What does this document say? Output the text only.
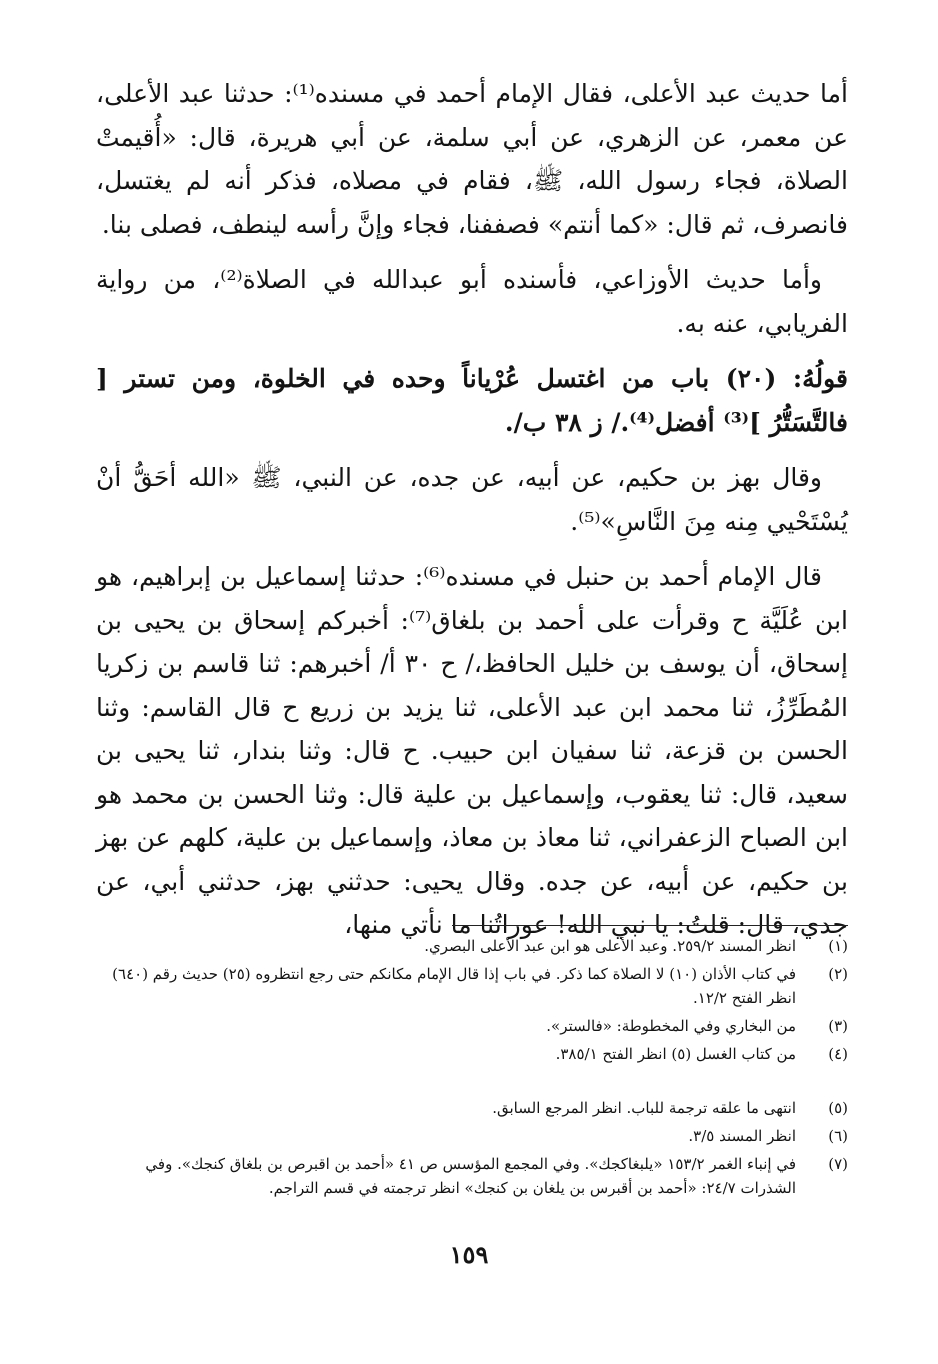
أما حديث عبد الأعلى، فقال الإمام أحمد في مسنده⁽¹⁾: حدثنا عبد الأعلى، عن معمر، عن الزهري، عن أبي سلمة، عن أبي هريرة، قال: «أُقيمتْ الصلاة، فجاء رسول الله، ﷺ، فقام في مصلاه، فذكر أنه لم يغتسل، فانصرف، ثم قال: «كما أنتم» فصففنا، فجاء وإنَّ رأسه لينطف، فصلى بنا.

وأما حديث الأوزاعي، فأسنده أبو عبدالله في الصلاة⁽²⁾، من رواية الفريابي، عنه به.

قولُهُ: (٢٠) باب من اغتسل عُرْياناً وحده في الخلوة، ومن تستر [ فالتَّسَتُّرُ ]⁽³⁾ أفضل⁽⁴⁾./ ز ٣٨ ب/.

وقال بهز بن حكيم، عن أبيه، عن جده، عن النبي، ﷺ «الله أحَقُّ أنْ يُسْتَحْيي مِنه مِنَ النَّاسِ»⁽⁵⁾.

قال الإمام أحمد بن حنبل في مسنده⁽⁶⁾: حدثنا إسماعيل بن إبراهيم، هو ابن عُلَيَّة ح وقرأت على أحمد بن بلغاق⁽⁷⁾: أخبركم إسحاق بن يحيى بن إسحاق، أن يوسف بن خليل الحافظ،/ ح ٣٠ أ/ أخبرهم: ثنا قاسم بن زكريا المُطَرِّزُ، ثنا محمد ابن عبد الأعلى، ثنا يزيد بن زريع ح قال القاسم: وثنا الحسن بن قزعة، ثنا سفيان ابن حبيب. ح قال: وثنا بندار، ثنا يحيى بن سعيد، قال: ثنا يعقوب، وإسماعيل بن علية قال: وثنا الحسن بن محمد هو ابن الصباح الزعفراني، ثنا معاذ بن معاذ، وإسماعيل بن علية، كلهم عن بهز بن حكيم، عن أبيه، عن جده. وقال يحيى: حدثني بهز، حدثني أبي، عن جدي، قال: قلتُ: يا نبي الله! عوراتُنا ما نأتي منها،

(١)
انظر المسند ٢٥٩/٢. وعبد الأعلى هو ابن عبد الأعلى البصري.
(٢)
في كتاب الأذان (١٠) لا الصلاة كما ذكر. في باب إذا قال الإمام مكانكم حتى رجع انتظروه (٢٥) حديث رقم (٦٤٠) انظر الفتح ١٢/٢.
(٣)
من البخاري وفي المخطوطة: «فالستر».
(٤)
من كتاب الغسل (٥) انظر الفتح ٣٨٥/١.
(٥)
انتهى ما علقه ترجمة للباب. انظر المرجع السابق.
(٦)
انظر المسند ٣/٥.
(٧)
في إنباء الغمر ١٥٣/٢ «يلبغاكجك». وفي المجمع المؤسس ص ٤١ «أحمد بن اقبرص بن بلغاق كنجك». وفي الشذرات ٢٤/٧: «أحمد بن أقبرس بن يلغان بن كنجك» انظر ترجمته في قسم التراجم.
١٥٩
